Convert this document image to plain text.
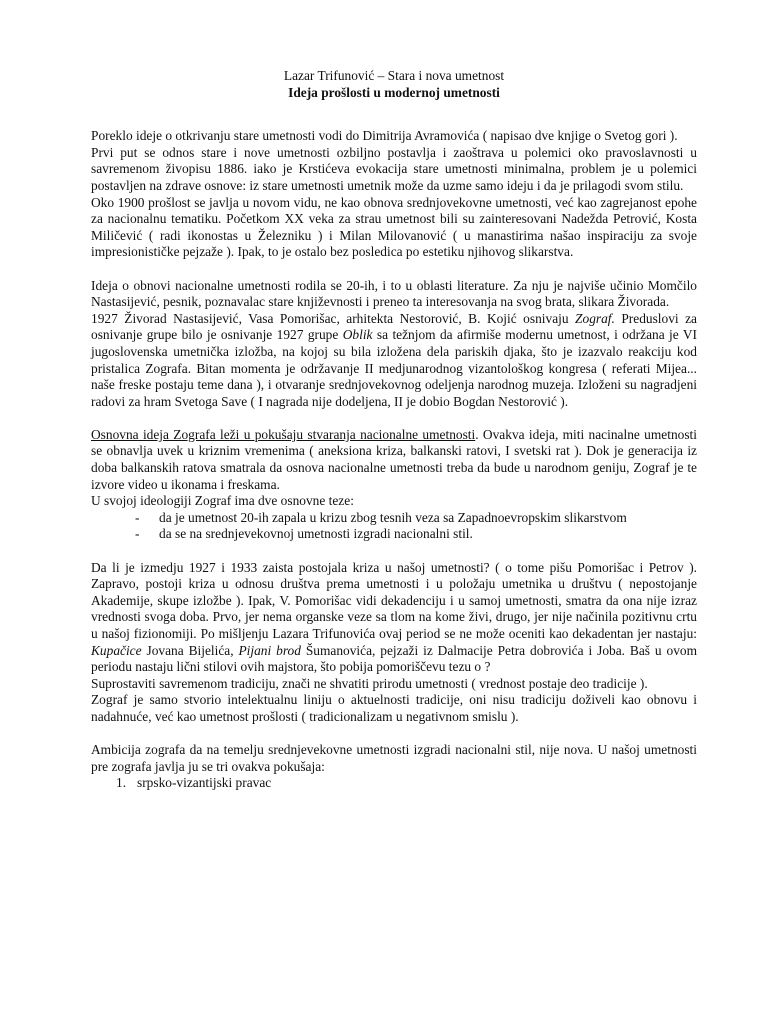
Lazar Trifunović – Stara i nova umetnost
Ideja prošlosti u modernoj umetnosti

Poreklo ideje o otkrivanju stare umetnosti vodi do Dimitrija Avramovića ( napisao dve knjige o Svetog gori ).

Prvi put se odnos stare i nove umetnosti ozbiljno postavlja i zaoštrava u polemici oko pravoslavnosti u savremenom živopisu 1886. iako je Krstićeva evokacija stare umetnosti minimalna, problem je u polemici postavljen na zdrave osnove: iz stare umetnosti umetnik može da uzme samo ideju i da je prilagodi svom stilu.

Oko 1900 prošlost se javlja u novom vidu, ne kao obnova srednjovekovne umetnosti, već kao zagrejanost epohe za nacionalnu tematiku. Početkom XX veka za strau umetnost bili su zainteresovani Nadežda Petrović, Kosta Miličević ( radi ikonostas u Železniku ) i Milan Milovanović ( u manastirima našao inspiraciju za svoje impresionističke pejzaže ). Ipak, to je ostalo bez posledica po estetiku njihovog slikarstva.

Ideja o obnovi nacionalne umetnosti rodila se 20-ih, i to u oblasti literature. Za nju je najviše učinio Momčilo Nastasijević, pesnik, poznavalac stare književnosti i preneo ta interesovanja na svog brata, slikara Živorada.

1927 Živorad Nastasijević, Vasa Pomorišac, arhitekta Nestorović, B. Kojić osnivaju Zograf. Preduslovi za osnivanje grupe bilo je osnivanje 1927 grupe Oblik sa težnjom da afirmiše modernu umetnost, i održana je VI jugoslovenska umetnička izložba, na kojoj su bila izložena dela pariskih djaka, što je izazvalo reakciju kod pristalica Zografa. Bitan momenta je održavanje II medjunarodnog vizantološkog kongresa ( referati Mijea... naše freske postaju teme dana ), i otvaranje srednjovekovnog odeljenja narodnog muzeja. Izloženi su nagradjeni radovi za hram Svetoga Save ( I nagrada nije dodeljena, II je dobio Bogdan Nestorović ).

Osnovna ideja Zografa leži u pokušaju stvaranja nacionalne umetnosti. Ovakva ideja, miti nacinalne umetnosti se obnavlja uvek u kriznim vremenima ( aneksiona kriza, balkanski ratovi, I svetski rat ). Dok je generacija iz doba balkanskih ratova smatrala da osnova nacionalne umetnosti treba da bude u narodnom geniju, Zograf je te izvore video u ikonama i freskama.

U svojoj ideologiji Zograf ima dve osnovne teze:

- da je umetnost 20-ih zapala u krizu zbog tesnih veza sa Zapadnoevropskim slikarstvom
- da se na srednjevekovnoj umetnosti izgradi nacionalni stil.

Da li je izmedju 1927 i 1933 zaista postojala kriza u našoj umetnosti? ( o tome pišu Pomorišac i Petrov ). Zapravo, postoji kriza u odnosu društva prema umetnosti i u položaju umetnika u društvu ( nepostojanje Akademije, skupe izložbe ). Ipak, V. Pomorišac vidi dekadenciju i u samoj umetnosti, smatra da ona nije izraz vrednosti svoga doba. Prvo, jer nema organske veze sa tlom na kome živi, drugo, jer nije načinila pozitivnu crtu u našoj fizionomiji. Po mišljenju Lazara Trifunovića ovaj period se ne može oceniti kao dekadentan jer nastaju: Kupačice Jovana Bijelića, Pijani brod Šumanovića, pejzaži iz Dalmacije Petra dobrovića i Joba. Baš u ovom periodu nastaju lični stilovi ovih majstora, što pobija pomoriščevu tezu o ?

Suprostaviti savremenom tradiciju, znači ne shvatiti prirodu umetnosti ( vrednost postaje deo tradicije ).

Zograf je samo stvorio intelektualnu liniju o aktuelnosti tradicije, oni nisu tradiciju doživeli kao obnovu i nadahnuće, već kao umetnost prošlosti ( tradicionalizam u negativnom smislu ).

Ambicija zografa da na temelju srednjevekovne umetnosti izgradi nacionalni stil, nije nova. U našoj umetnosti pre zografa javlja ju se tri ovakva pokušaja:

1. srpsko-vizantijski pravac
